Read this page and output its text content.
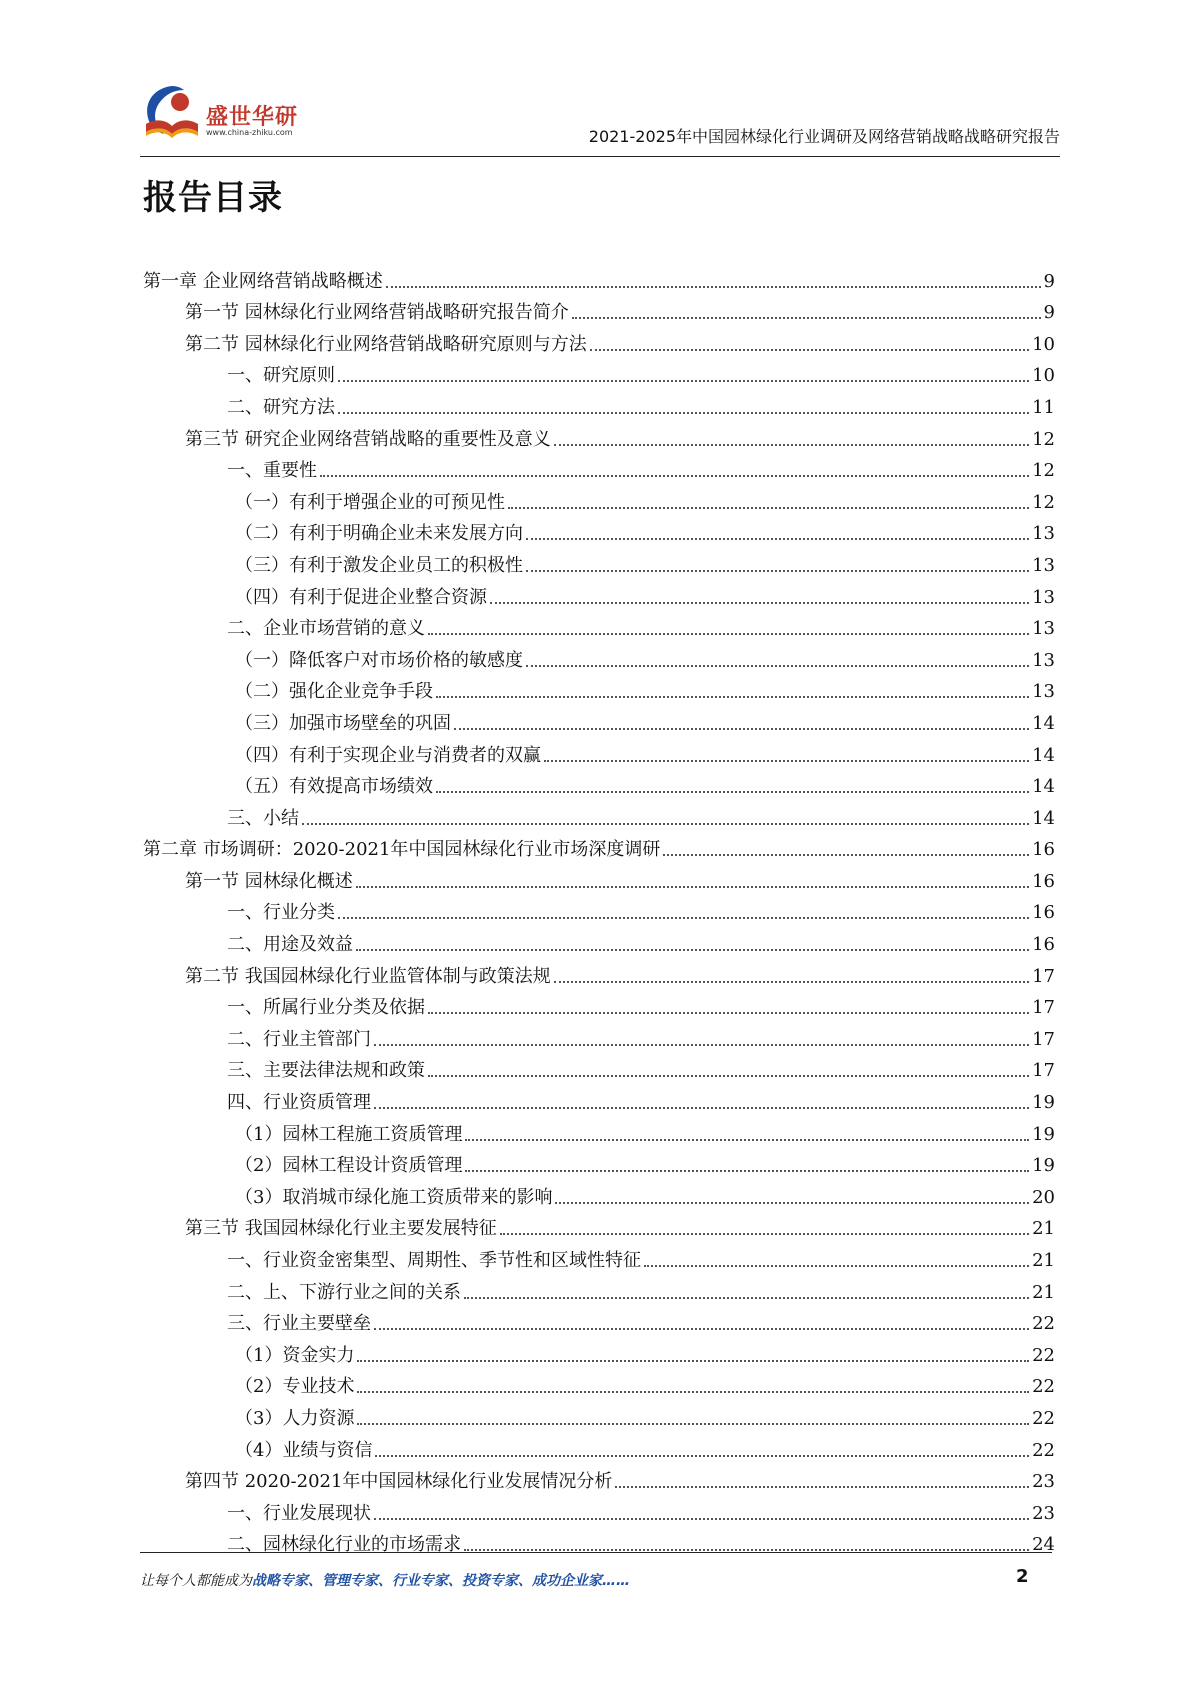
盛世华研
www.china-zhiku.com	2021-2025年中国园林绿化行业调研及网络营销战略战略研究报告
报告目录
第一章 企业网络营销战略概述	9
第一节 园林绿化行业网络营销战略研究报告简介	9
第二节 园林绿化行业网络营销战略研究原则与方法	10
一、研究原则	10
二、研究方法	11
第三节 研究企业网络营销战略的重要性及意义	12
一、重要性	12
（一）有利于增强企业的可预见性	12
（二）有利于明确企业未来发展方向	13
（三）有利于激发企业员工的积极性	13
（四）有利于促进企业整合资源	13
二、企业市场营销的意义	13
（一）降低客户对市场价格的敏感度	13
（二）强化企业竞争手段	13
（三）加强市场壁垒的巩固	14
（四）有利于实现企业与消费者的双赢	14
（五）有效提高市场绩效	14
三、小结	14
第二章 市场调研：2020-2021年中国园林绿化行业市场深度调研	16
第一节 园林绿化概述	16
一、行业分类	16
二、用途及效益	16
第二节 我国园林绿化行业监管体制与政策法规	17
一、所属行业分类及依据	17
二、行业主管部门	17
三、主要法律法规和政策	17
四、行业资质管理	19
（1）园林工程施工资质管理	19
（2）园林工程设计资质管理	19
（3）取消城市绿化施工资质带来的影响	20
第三节 我国园林绿化行业主要发展特征	21
一、行业资金密集型、周期性、季节性和区域性特征	21
二、上、下游行业之间的关系	21
三、行业主要壁垒	22
（1）资金实力	22
（2）专业技术	22
（3）人力资源	22
（4）业绩与资信	22
第四节 2020-2021年中国园林绿化行业发展情况分析	23
一、行业发展现状	23
二、园林绿化行业的市场需求	24
让每个人都能成为战略专家、管理专家、行业专家、投资专家、成功企业家……	2
